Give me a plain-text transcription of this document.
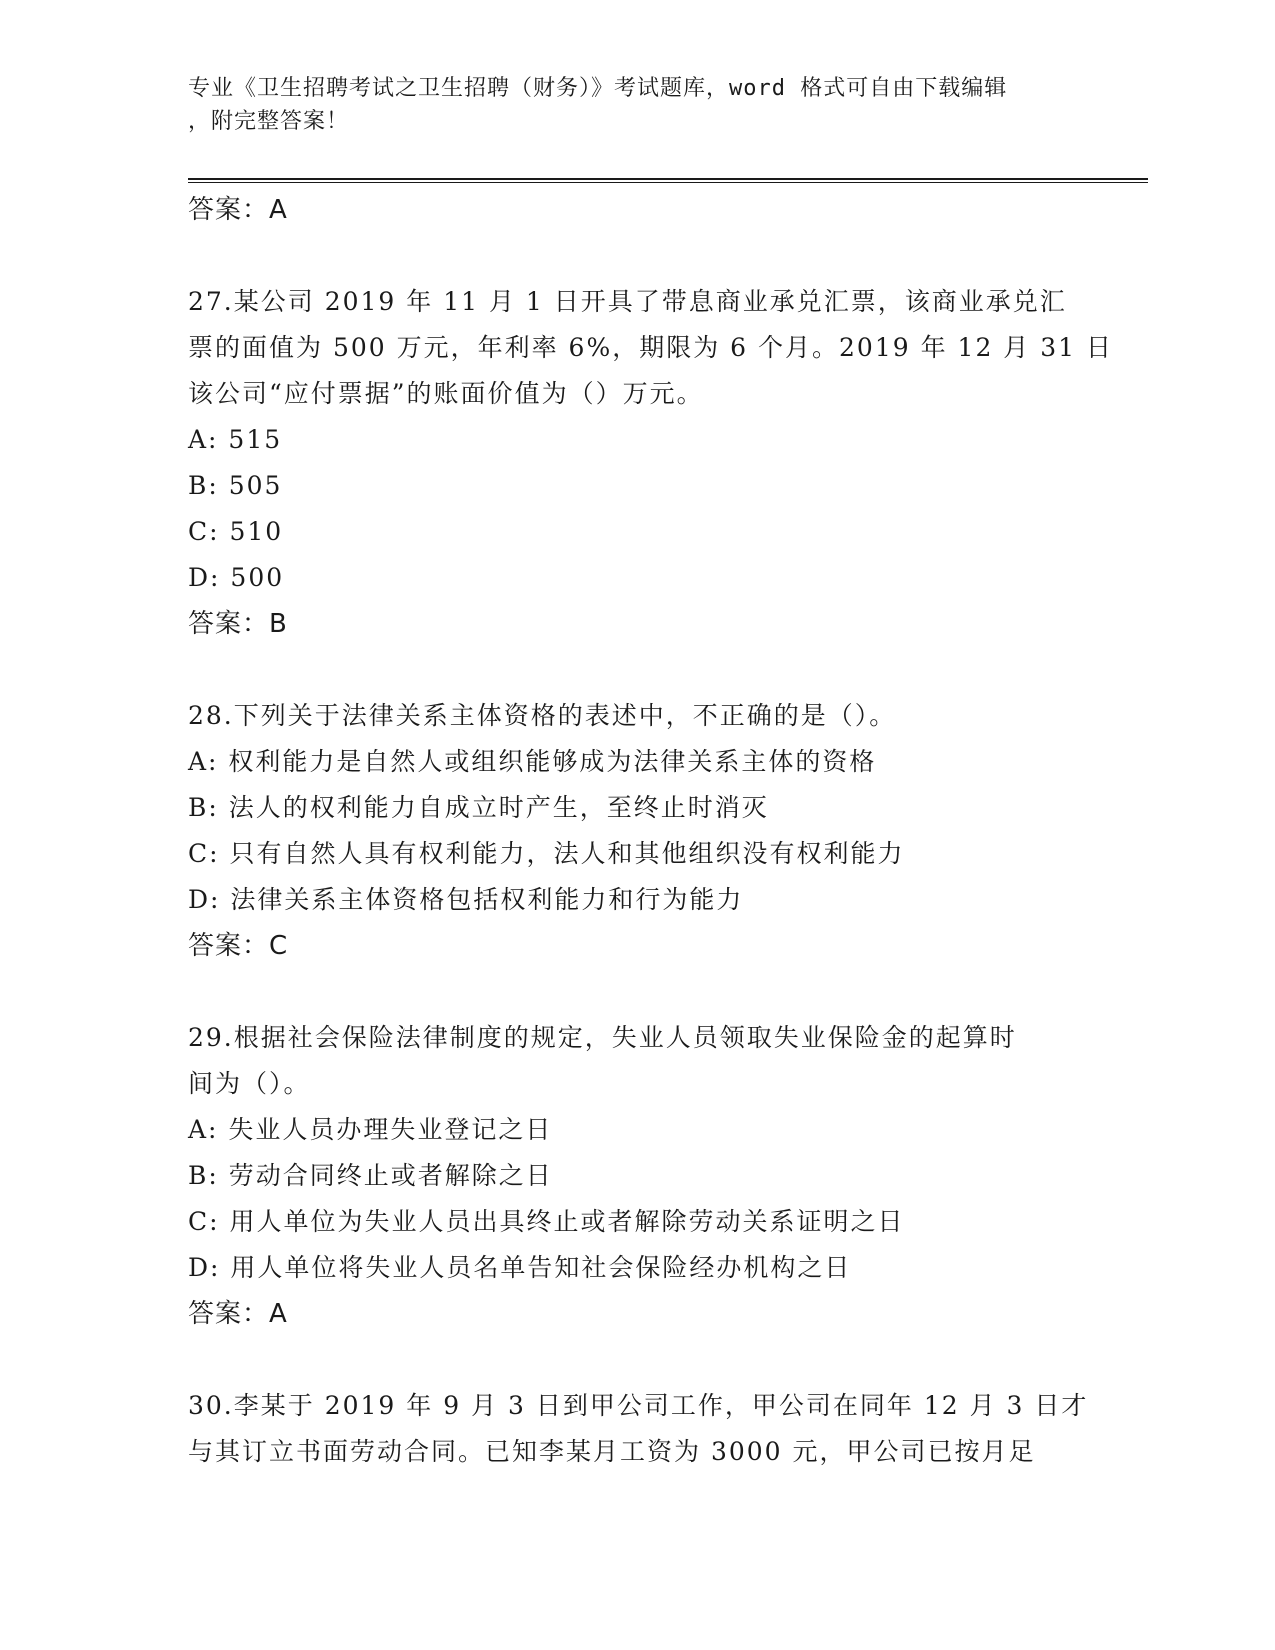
专业《卫生招聘考试之卫生招聘（财务）》考试题库，word 格式可自由下载编辑
，附完整答案！
答案：A
27.某公司 2019 年 11 月 1 日开具了带息商业承兑汇票，该商业承兑汇
票的面值为 500 万元，年利率 6%，期限为 6 个月。2019 年 12 月 31 日
该公司“应付票据”的账面价值为（）万元。
A: 515
B: 505
C: 510
D: 500
答案：B
28.下列关于法律关系主体资格的表述中，不正确的是（）。
A: 权利能力是自然人或组织能够成为法律关系主体的资格
B: 法人的权利能力自成立时产生，至终止时消灭
C: 只有自然人具有权利能力，法人和其他组织没有权利能力
D: 法律关系主体资格包括权利能力和行为能力
答案：C
29.根据社会保险法律制度的规定，失业人员领取失业保险金的起算时
间为（）。
A: 失业人员办理失业登记之日
B: 劳动合同终止或者解除之日
C: 用人单位为失业人员出具终止或者解除劳动关系证明之日
D: 用人单位将失业人员名单告知社会保险经办机构之日
答案：A
30.李某于 2019 年 9 月 3 日到甲公司工作，甲公司在同年 12 月 3 日才
与其订立书面劳动合同。已知李某月工资为 3000 元，甲公司已按月足
